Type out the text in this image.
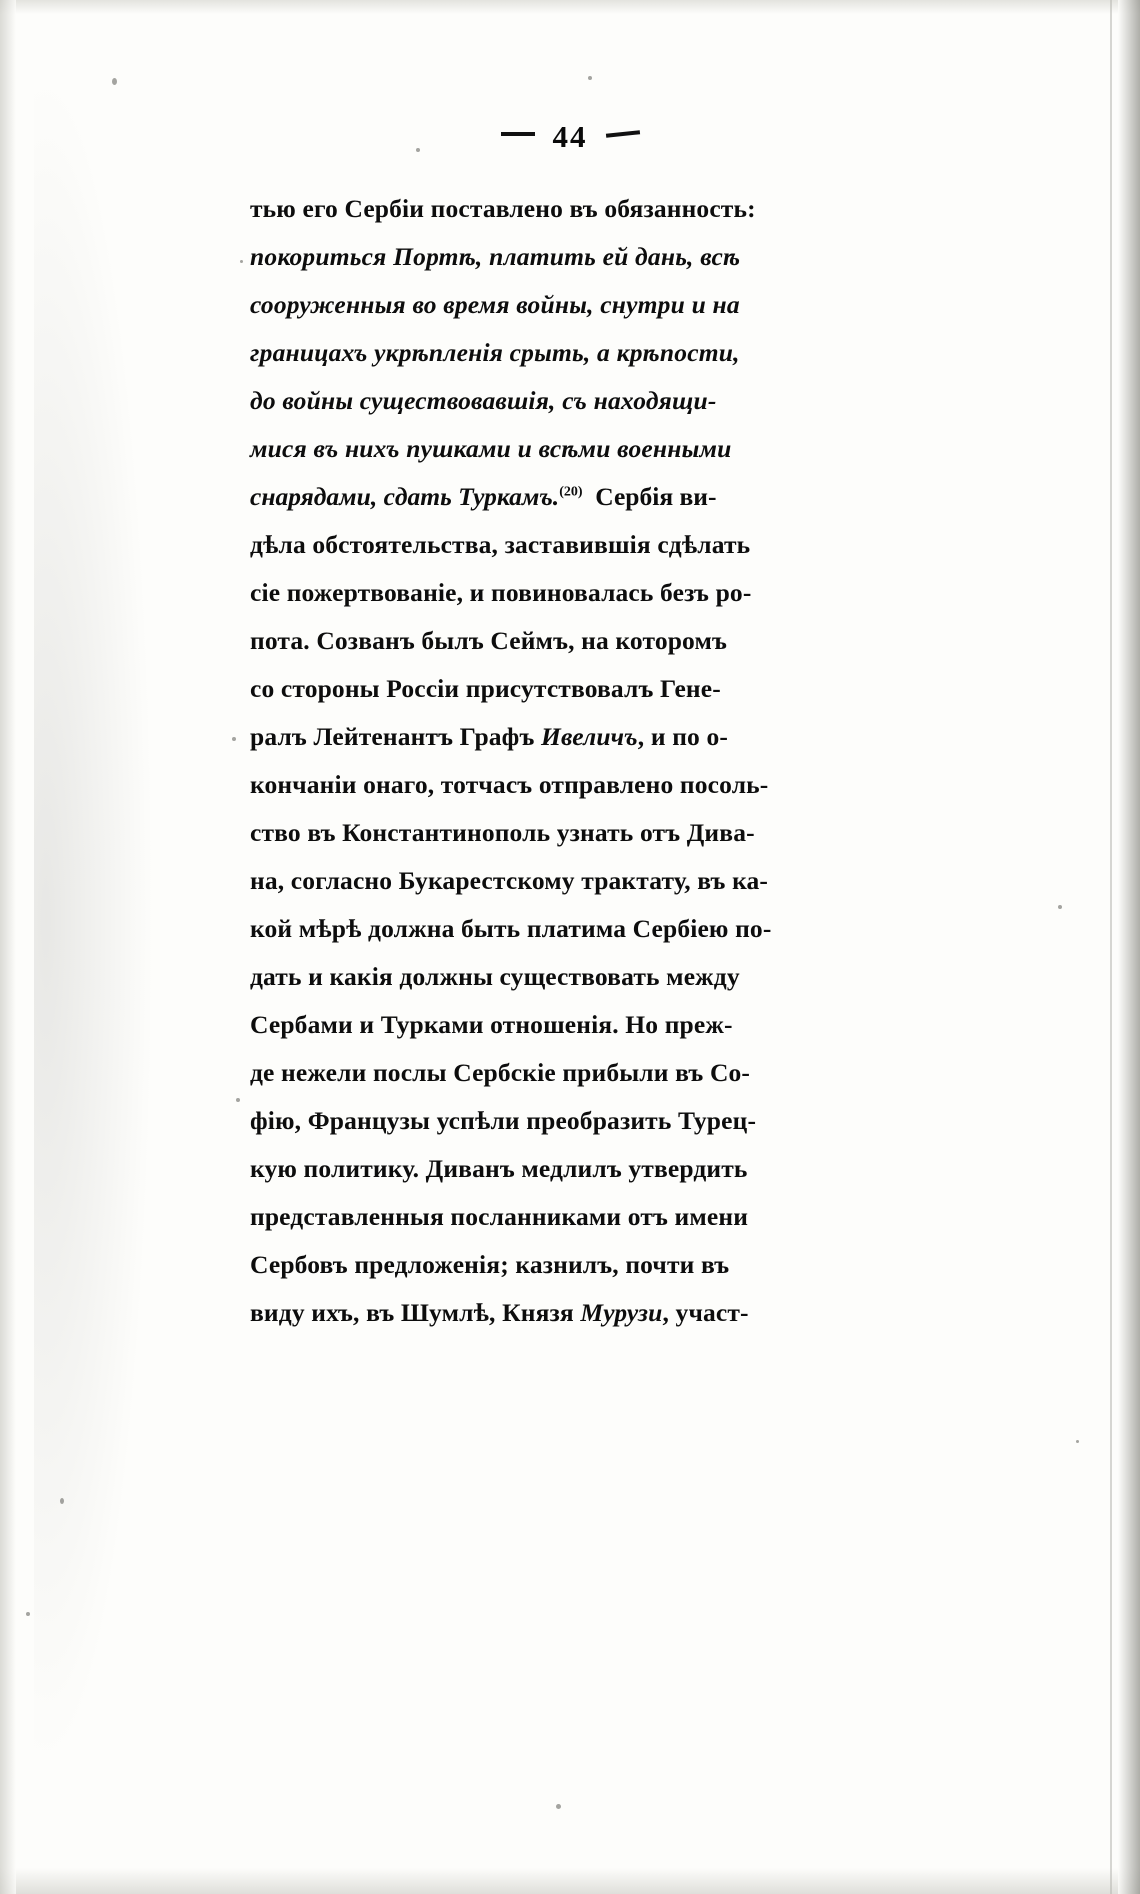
44
тью его Сербіи поставлено въ обязанность:
покориться Портѣ, платить ей дань, всѣ
сооруженныя во время войны, снутри и на
границахъ укрѣпленія срыть, а крѣпости,
до войны существовавшія, съ находящи-
мися въ нихъ пушками и всѣми военными
снарядами, сдать Туркамъ.$^{(20)}$ Сербія ви-
дѣла обстоятельства, заставившія сдѣлать
сіе пожертвованіе, и повиновалась безъ ро-
пота. Созванъ былъ Сеймъ, на которомъ
со стороны Россіи присутствовалъ Гене-
ралъ Лейтенантъ Графъ Ивеличъ, и по о-
кончаніи онаго, тотчасъ отправлено посоль-
ство въ Константинополь узнать отъ Дива-
на, согласно Букарестскому трактату, въ ка-
кой мѣрѣ должна быть платима Сербіею по-
дать и какія должны существовать между
Сербами и Турками отношенія. Но преж-
де нежели послы Сербскіе прибыли въ Со-
фію, Французы успѣли преобразить Турец-
кую политику. Диванъ медлилъ утвердить
представленныя посланниками отъ имени
Сербовъ предложенія; казнилъ, почти въ
виду ихъ, въ Шумлѣ, Князя Мурузи, участ-
